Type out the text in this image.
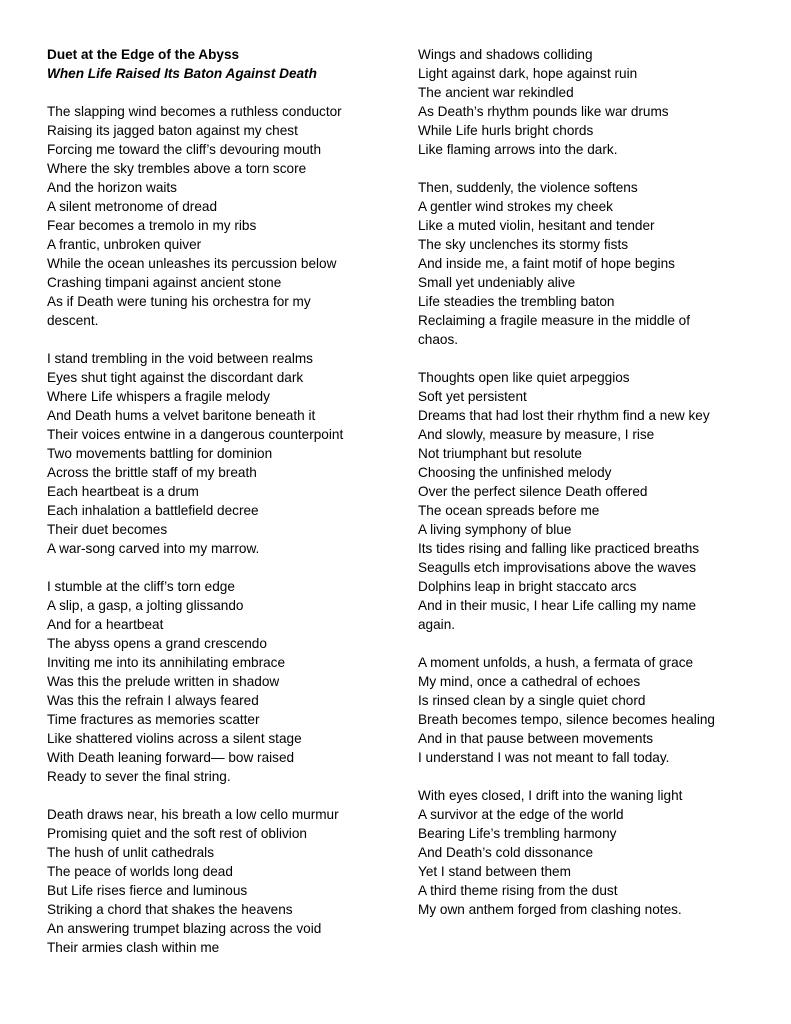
Duet at the Edge of the Abyss
When Life Raised Its Baton Against Death
The slapping wind becomes a ruthless conductor
Raising its jagged baton against my chest
Forcing me toward the cliff’s devouring mouth
Where the sky trembles above a torn score
And the horizon waits
A silent metronome of dread
Fear becomes a tremolo in my ribs
A frantic, unbroken quiver
While the ocean unleashes its percussion below
Crashing timpani against ancient stone
As if Death were tuning his orchestra for my
descent.
I stand trembling in the void between realms
Eyes shut tight against the discordant dark
Where Life whispers a fragile melody
And Death hums a velvet baritone beneath it
Their voices entwine in a dangerous counterpoint
Two movements battling for dominion
Across the brittle staff of my breath
Each heartbeat is a drum
Each inhalation a battlefield decree
Their duet becomes
A war-song carved into my marrow.
I stumble at the cliff’s torn edge
A slip, a gasp, a jolting glissando
And for a heartbeat
The abyss opens a grand crescendo
Inviting me into its annihilating embrace
Was this the prelude written in shadow
Was this the refrain I always feared
Time fractures as memories scatter
Like shattered violins across a silent stage
With Death leaning forward— bow raised
Ready to sever the final string.
Death draws near, his breath a low cello murmur
Promising quiet and the soft rest of oblivion
The hush of unlit cathedrals
The peace of worlds long dead
But Life rises fierce and luminous
Striking a chord that shakes the heavens
An answering trumpet blazing across the void
Their armies clash within me
Wings and shadows colliding
Light against dark, hope against ruin
The ancient war rekindled
As Death’s rhythm pounds like war drums
While Life hurls bright chords
Like flaming arrows into the dark.
Then, suddenly, the violence softens
A gentler wind strokes my cheek
Like a muted violin, hesitant and tender
The sky unclenches its stormy fists
And inside me, a faint motif of hope begins
Small yet undeniably alive
Life steadies the trembling baton
Reclaiming a fragile measure in the middle of
chaos.
Thoughts open like quiet arpeggios
Soft yet persistent
Dreams that had lost their rhythm find a new key
And slowly, measure by measure, I rise
Not triumphant but resolute
Choosing the unfinished melody
Over the perfect silence Death offered
The ocean spreads before me
A living symphony of blue
Its tides rising and falling like practiced breaths
Seagulls etch improvisations above the waves
Dolphins leap in bright staccato arcs
And in their music, I hear Life calling my name
again.
A moment unfolds, a hush, a fermata of grace
My mind, once a cathedral of echoes
Is rinsed clean by a single quiet chord
Breath becomes tempo, silence becomes healing
And in that pause between movements
I understand I was not meant to fall today.
With eyes closed, I drift into the waning light
A survivor at the edge of the world
Bearing Life’s trembling harmony
And Death’s cold dissonance
Yet I stand between them
A third theme rising from the dust
My own anthem forged from clashing notes.
